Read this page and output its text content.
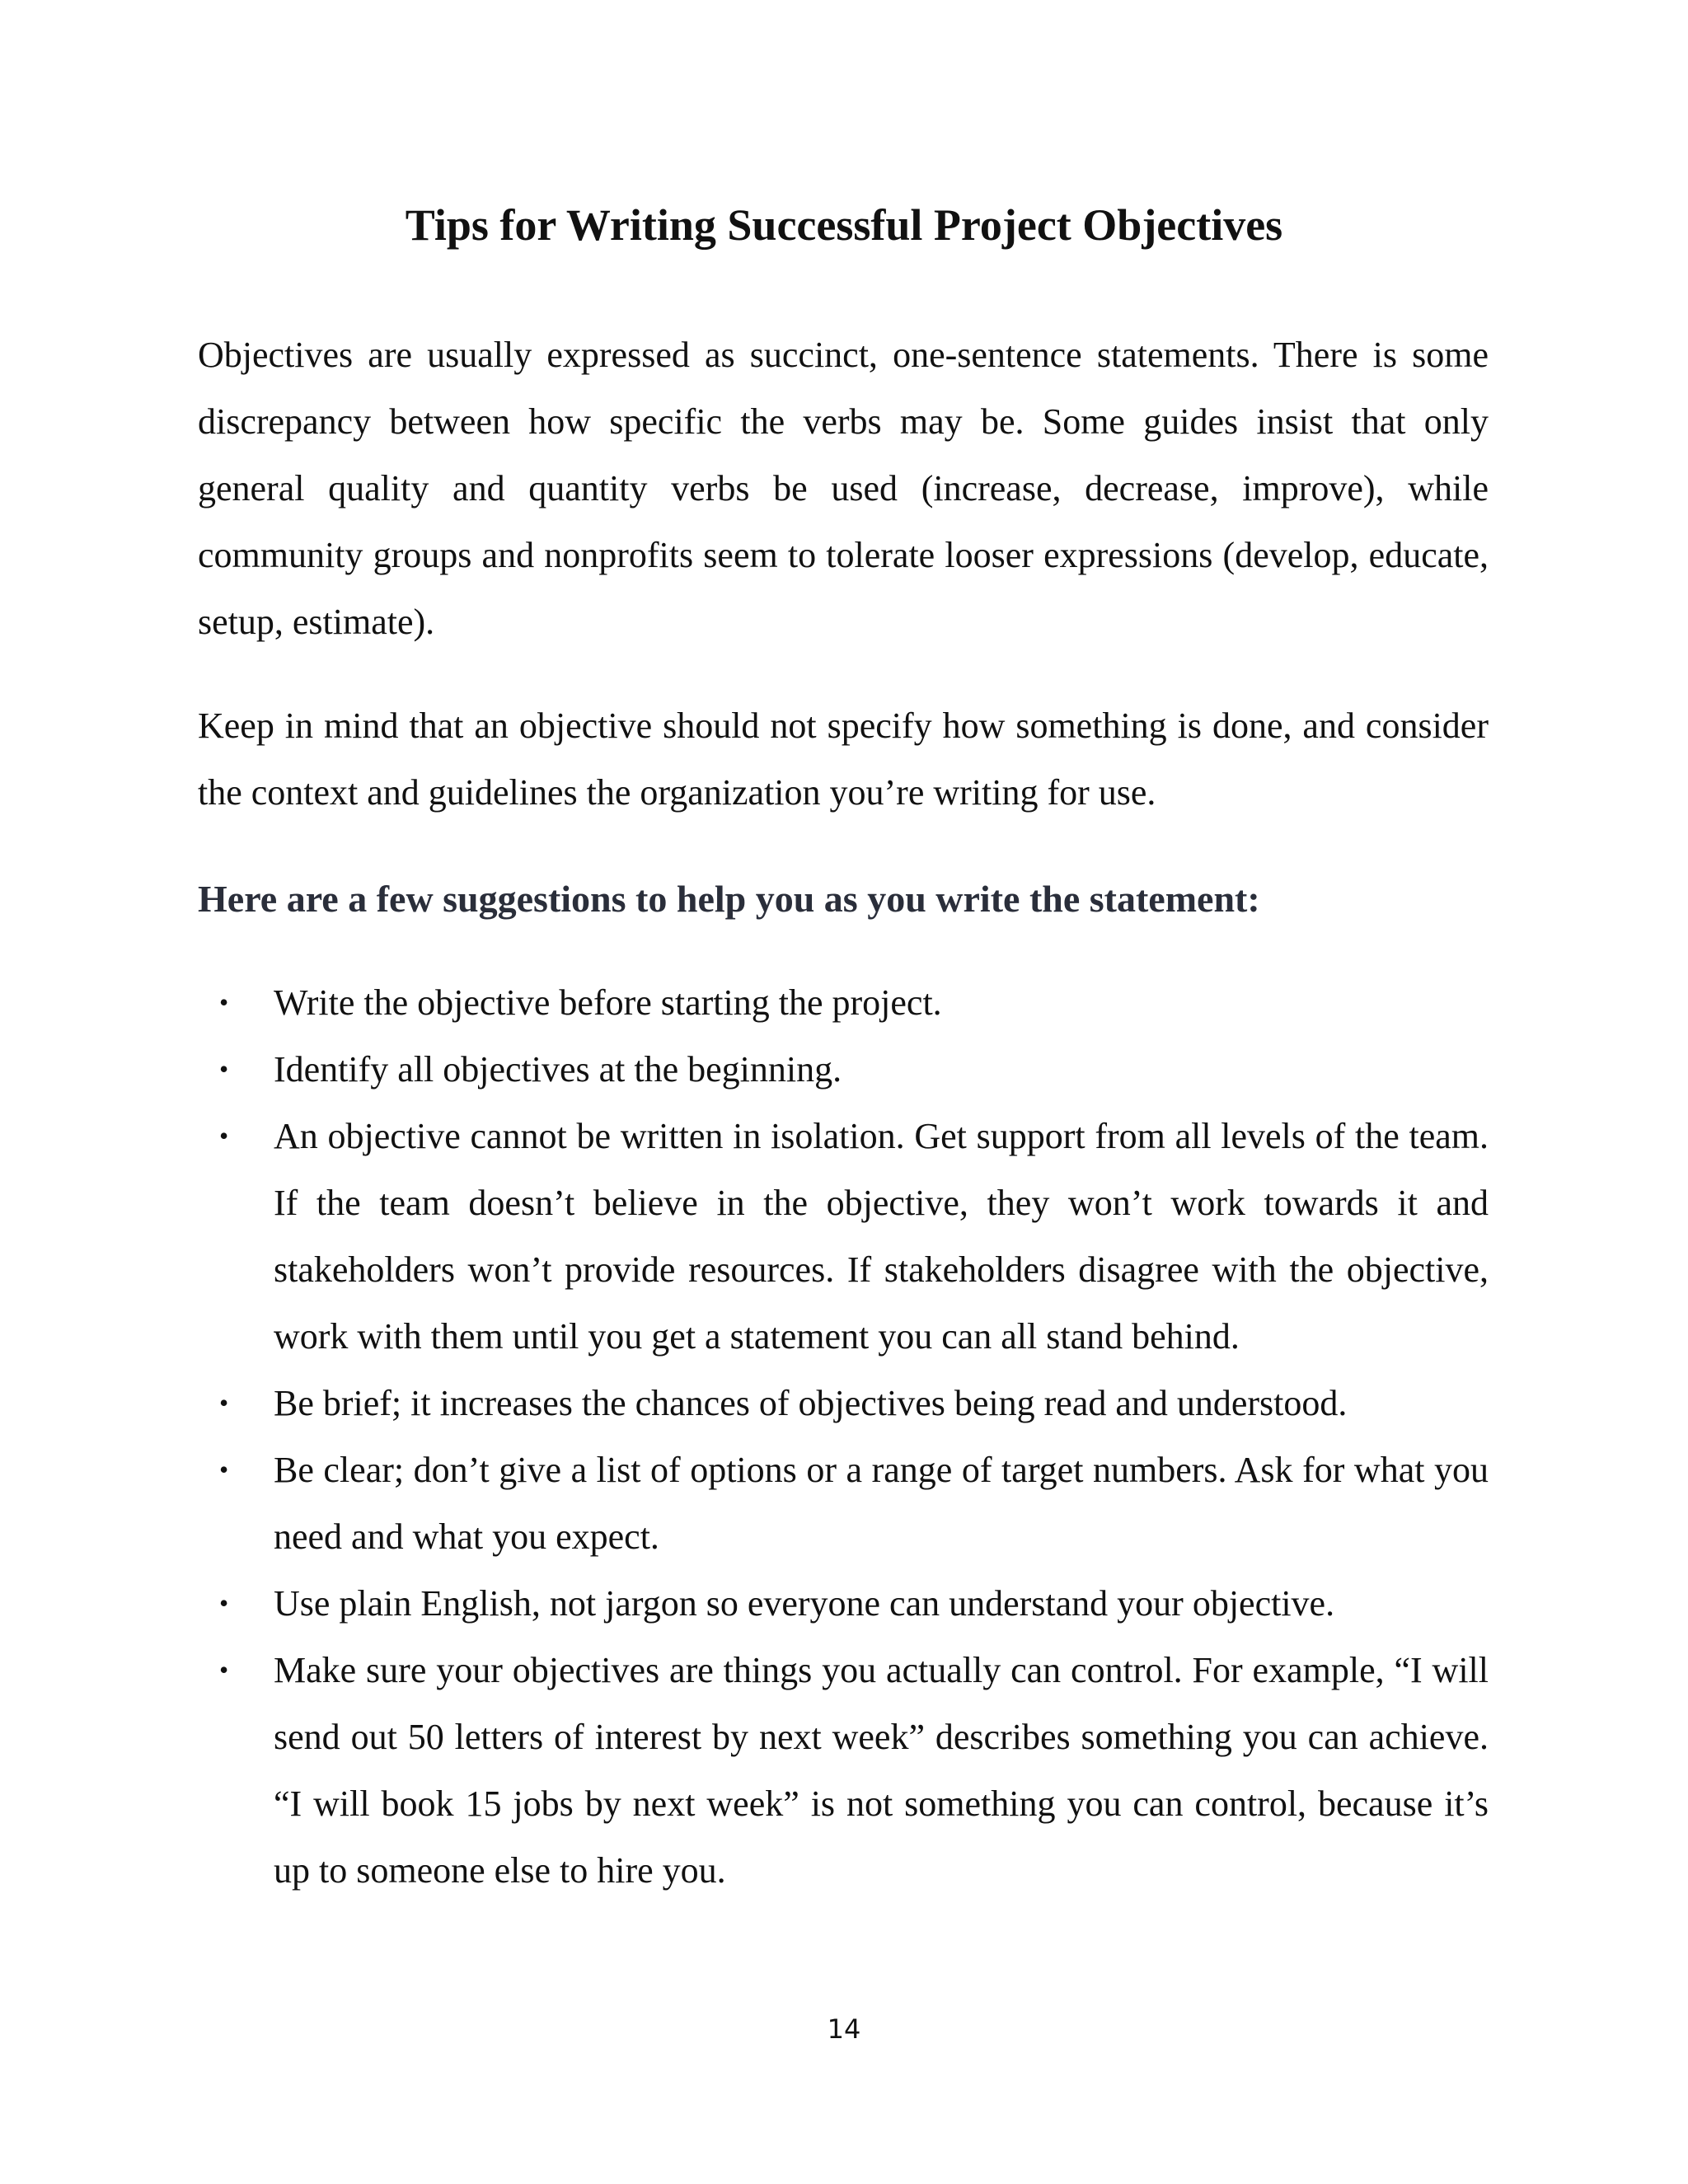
Tips for Writing Successful Project Objectives

Objectives are usually expressed as succinct, one-sentence statements. There is some discrepancy between how specific the verbs may be. Some guides insist that only general quality and quantity verbs be used (increase, decrease, improve), while community groups and nonprofits seem to tolerate looser expressions (develop, educate, setup, estimate).

Keep in mind that an objective should not specify how something is done, and consider the context and guidelines the organization you’re writing for use.

Here are a few suggestions to help you as you write the statement:
• Write the objective before starting the project.
• Identify all objectives at the beginning.
• An objective cannot be written in isolation. Get support from all levels of the team. If the team doesn’t believe in the objective, they won’t work towards it and stakeholders won’t provide resources. If stakeholders disagree with the objective, work with them until you get a statement you can all stand behind.
• Be brief; it increases the chances of objectives being read and understood.
• Be clear; don’t give a list of options or a range of target numbers. Ask for what you need and what you expect.
• Use plain English, not jargon so everyone can understand your objective.
• Make sure your objectives are things you actually can control. For example, “I will send out 50 letters of interest by next week” describes something you can achieve. “I will book 15 jobs by next week” is not something you can control, because it’s up to someone else to hire you.

14
